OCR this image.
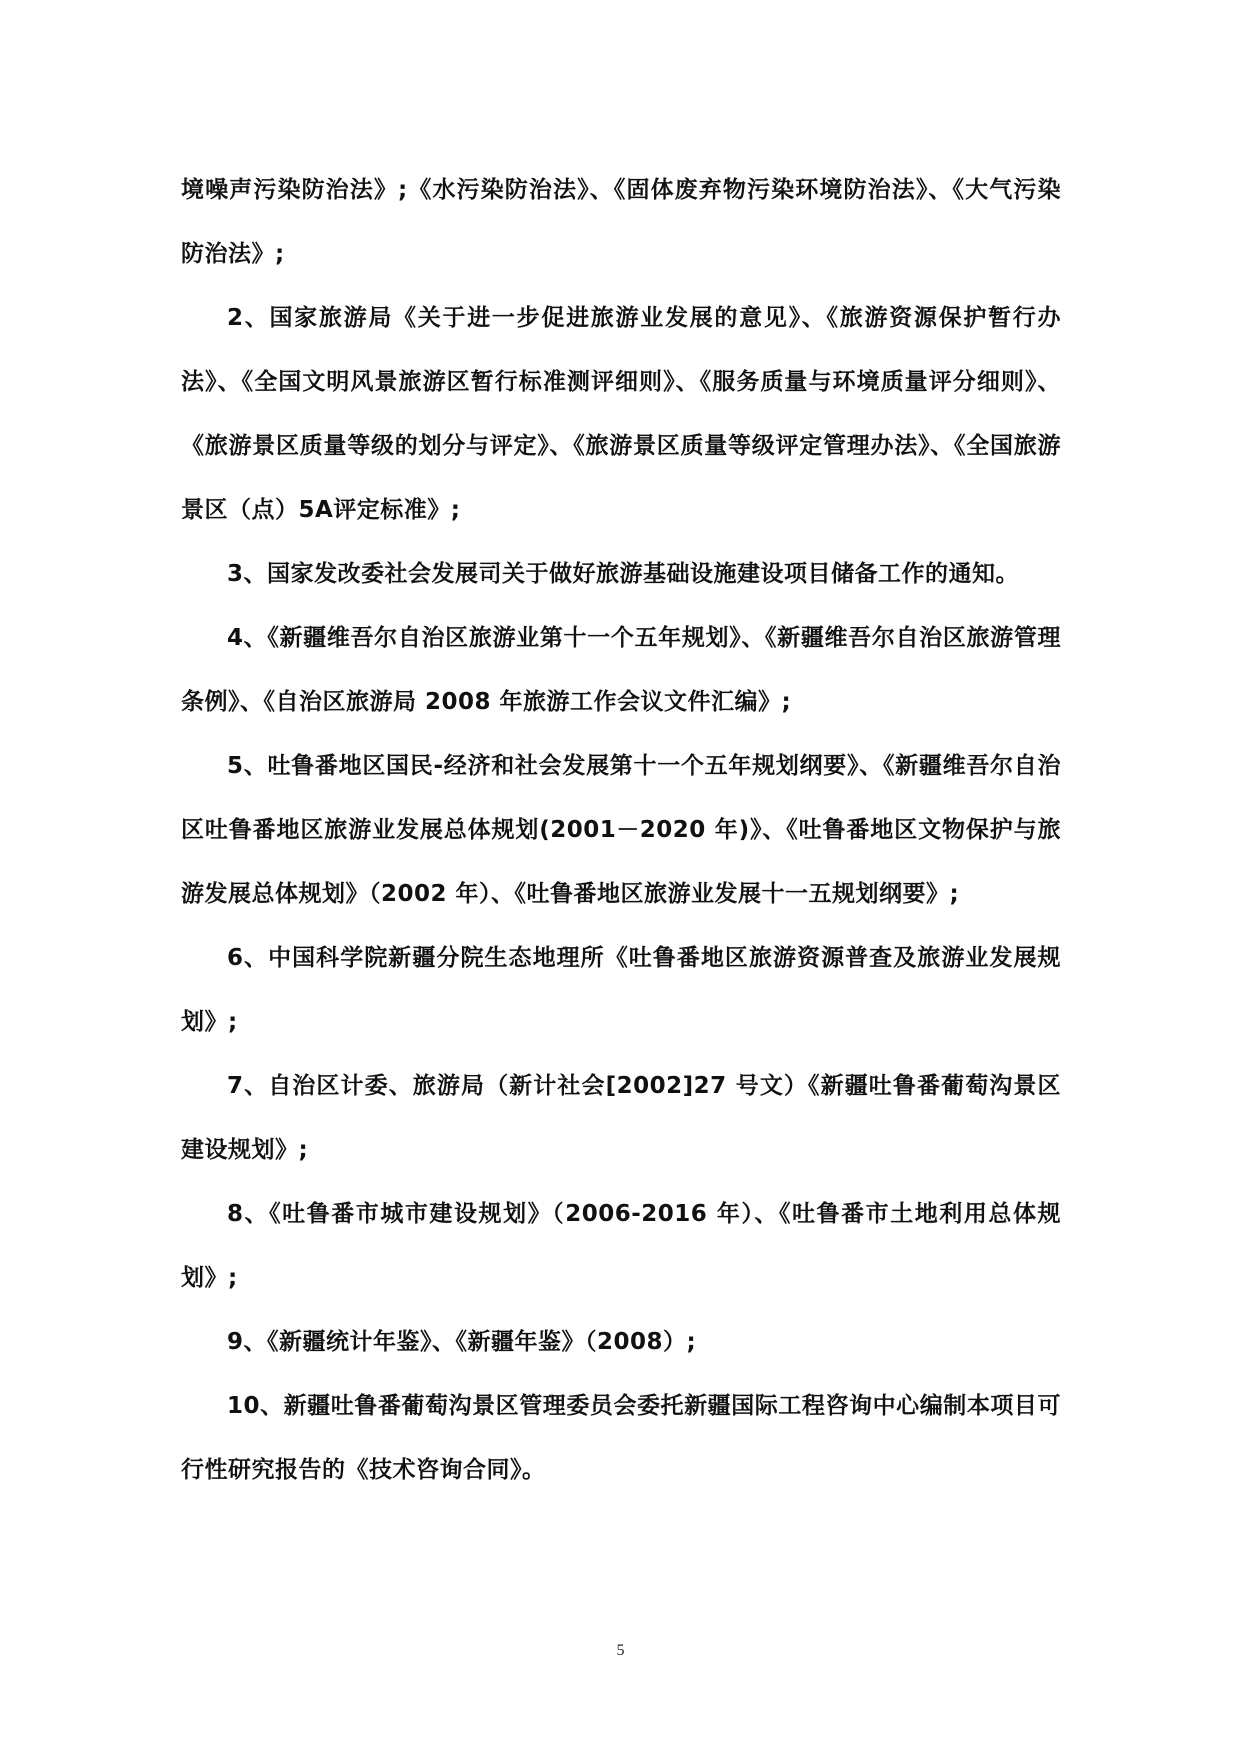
境噪声污染防治法》;《水污染防治法》、《固体废弃物污染环境防治法》、《大气污染防治法》;

2、国家旅游局《关于进一步促进旅游业发展的意见》、《旅游资源保护暂行办法》、《全国文明风景旅游区暂行标准测评细则》、《服务质量与环境质量评分细则》、《旅游景区质量等级的划分与评定》、《旅游景区质量等级评定管理办法》、《全国旅游景区（点）5A评定标准》;

3、国家发改委社会发展司关于做好旅游基础设施建设项目储备工作的通知。

4、《新疆维吾尔自治区旅游业第十一个五年规划》、《新疆维吾尔自治区旅游管理条例》、《自治区旅游局 2008 年旅游工作会议文件汇编》;

5、吐鲁番地区国民-经济和社会发展第十一个五年规划纲要》、《新疆维吾尔自治区吐鲁番地区旅游业发展总体规划(2001－2020 年)》、《吐鲁番地区文物保护与旅游发展总体规划》（2002 年）、《吐鲁番地区旅游业发展十一五规划纲要》;

6、中国科学院新疆分院生态地理所《吐鲁番地区旅游资源普查及旅游业发展规划》;

7、自治区计委、旅游局（新计社会[2002]27 号文）《新疆吐鲁番葡萄沟景区建设规划》;

8、《吐鲁番市城市建设规划》（2006-2016 年）、《吐鲁番市土地利用总体规划》;

9、《新疆统计年鉴》、《新疆年鉴》（2008）;

10、新疆吐鲁番葡萄沟景区管理委员会委托新疆国际工程咨询中心编制本项目可行性研究报告的《技术咨询合同》。

5
